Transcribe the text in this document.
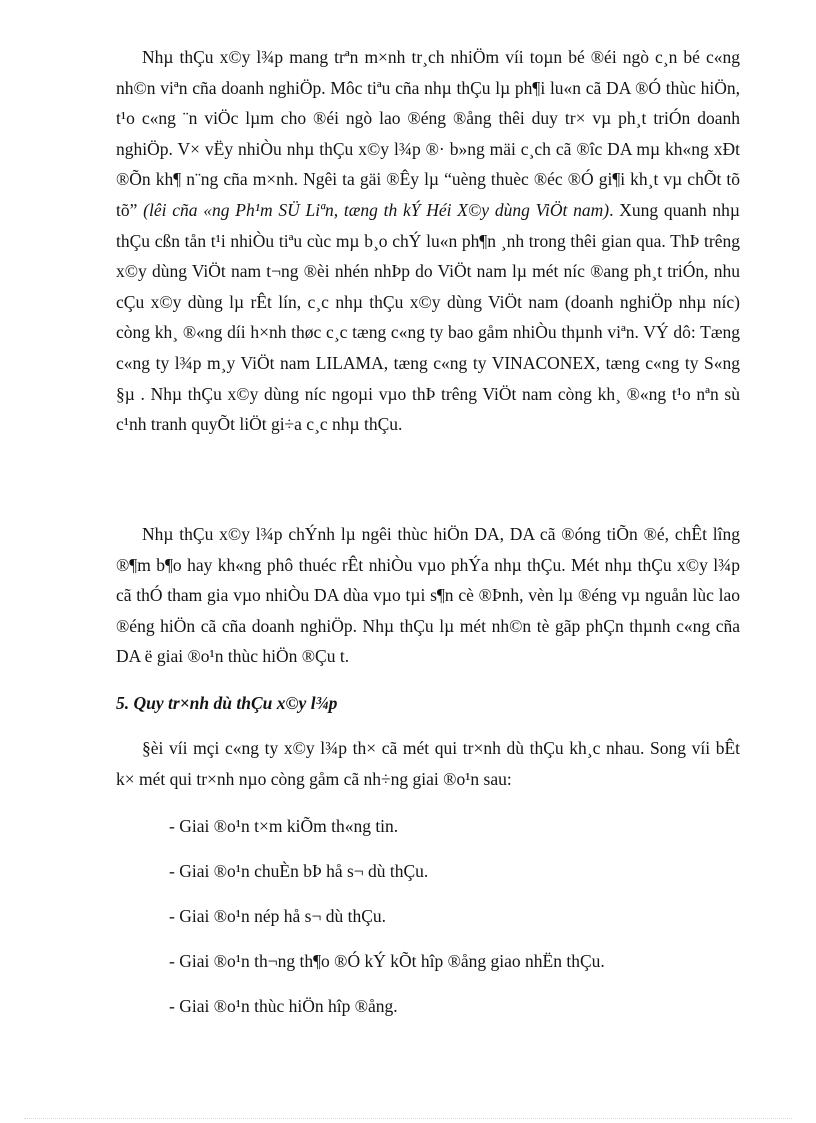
Nhµ thÇu x©y l¾p mang trªn m×nh tr¸ch nhiÖm víi toµn bé ®éi ngò c¸n bé c«ng nh©n viªn cña doanh nghiÖp. Môc tiªu cña nhµ thÇu lµ ph¶i lu«n cã DA ®Ó thùc hiÖn, t¹o c«ng ¨n viÖc lµm cho ®éi ngò lao ®éng ®ång thêi duy tr× vµ ph¸t triÓn doanh nghiÖp. V× vËy nhiÒu nhµ thÇu x©y l¾p ®· b»ng mäi c¸ch cã ®îc DA mµ kh«ng xÐt ®Õn kh¶ n¨ng cña m×nh. Ngêi ta gäi ®Êy lµ “uèng thuèc ®éc ®Ó gi¶i kh¸t vµ chÕt tõ tõ” (lêi cña «ng Ph¹m SÜ Liªn, tæng th kÝ Héi X©y dùng ViÖt nam). Xung quanh nhµ thÇu cßn tån t¹i nhiÒu tiªu cùc mµ b¸o chÝ lu«n ph¶n ¸nh trong thêi gian qua. ThÞ trêng x©y dùng ViÖt nam t¬ng ®èi nhén nhÞp do ViÖt nam lµ mét níc ®ang ph¸t triÓn, nhu cÇu x©y dùng lµ rÊt lín, c¸c nhµ thÇu x©y dùng ViÖt nam (doanh nghiÖp nhµ níc) còng kh¸ ®«ng díi h×nh thøc c¸c tæng c«ng ty bao gåm nhiÒu thµnh viªn. VÝ dô: Tæng c«ng ty l¾p m¸y ViÖt nam LILAMA, tæng c«ng ty VINACONEX, tæng c«ng ty S«ng §µ . Nhµ thÇu x©y dùng níc ngoµi vµo thÞ trêng ViÖt nam còng kh¸ ®«ng t¹o nªn sù c¹nh tranh quyÕt liÖt gi÷a c¸c nhµ thÇu.

Nhµ thÇu x©y l¾p chÝnh lµ ngêi thùc hiÖn DA, DA cã ®óng tiÕn ®é, chÊt lîng ®¶m b¶o hay kh«ng phô thuéc rÊt nhiÒu vµo phÝa nhµ thÇu. Mét nhµ thÇu x©y l¾p cã thÓ tham gia vµo nhiÒu DA dùa vµo tµi s¶n cè ®Þnh, vèn lµ ®éng vµ nguån lùc lao ®éng hiÖn cã cña doanh nghiÖp. Nhµ thÇu lµ mét nh©n tè gãp phÇn thµnh c«ng cña DA ë giai ®o¹n thùc hiÖn ®Çu t.

5. Quy tr×nh dù thÇu x©y l¾p

§èi víi mçi c«ng ty x©y l¾p th× cã mét qui tr×nh dù thÇu kh¸c nhau. Song víi bÊt k× mét qui tr×nh nµo còng gåm cã nh÷ng giai ®o¹n sau:

- Giai ®o¹n t×m kiÕm th«ng tin.
- Giai ®o¹n chuÈn bÞ hå s¬ dù thÇu.
- Giai ®o¹n nép hå s¬ dù thÇu.
- Giai ®o¹n th¬ng th¶o ®Ó kÝ kÕt hîp ®ång giao nhËn thÇu.
- Giai ®o¹n thùc hiÖn hîp ®ång.
